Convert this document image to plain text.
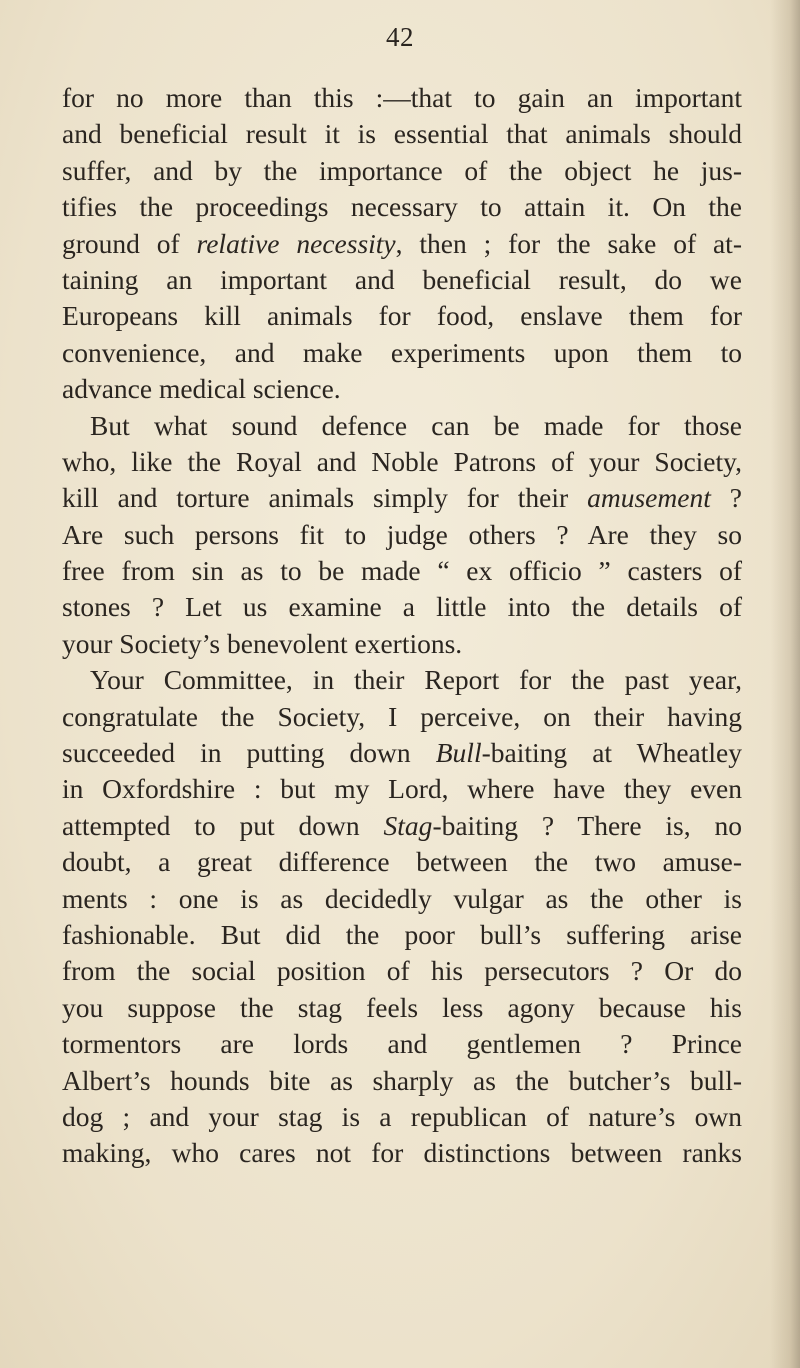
42
for no more than this :—that to gain an important
and beneficial result it is essential that animals should
suffer, and by the importance of the object he jus-
tifies the proceedings necessary to attain it. On the
ground of relative necessity, then ; for the sake of at-
taining an important and beneficial result, do we
Europeans kill animals for food, enslave them for
convenience, and make experiments upon them to
advance medical science.
But what sound defence can be made for those
who, like the Royal and Noble Patrons of your Society,
kill and torture animals simply for their amusement ?
Are such persons fit to judge others ? Are they so
free from sin as to be made “ ex officio ” casters of
stones ? Let us examine a little into the details of
your Society’s benevolent exertions.
Your Committee, in their Report for the past year,
congratulate the Society, I perceive, on their having
succeeded in putting down Bull-baiting at Wheatley
in Oxfordshire : but my Lord, where have they even
attempted to put down Stag-baiting ? There is, no
doubt, a great difference between the two amuse-
ments : one is as decidedly vulgar as the other is
fashionable. But did the poor bull’s suffering arise
from the social position of his persecutors ? Or do
you suppose the stag feels less agony because his
tormentors are lords and gentlemen ? Prince
Albert’s hounds bite as sharply as the butcher’s bull-
dog ; and your stag is a republican of nature’s own
making, who cares not for distinctions between ranks
